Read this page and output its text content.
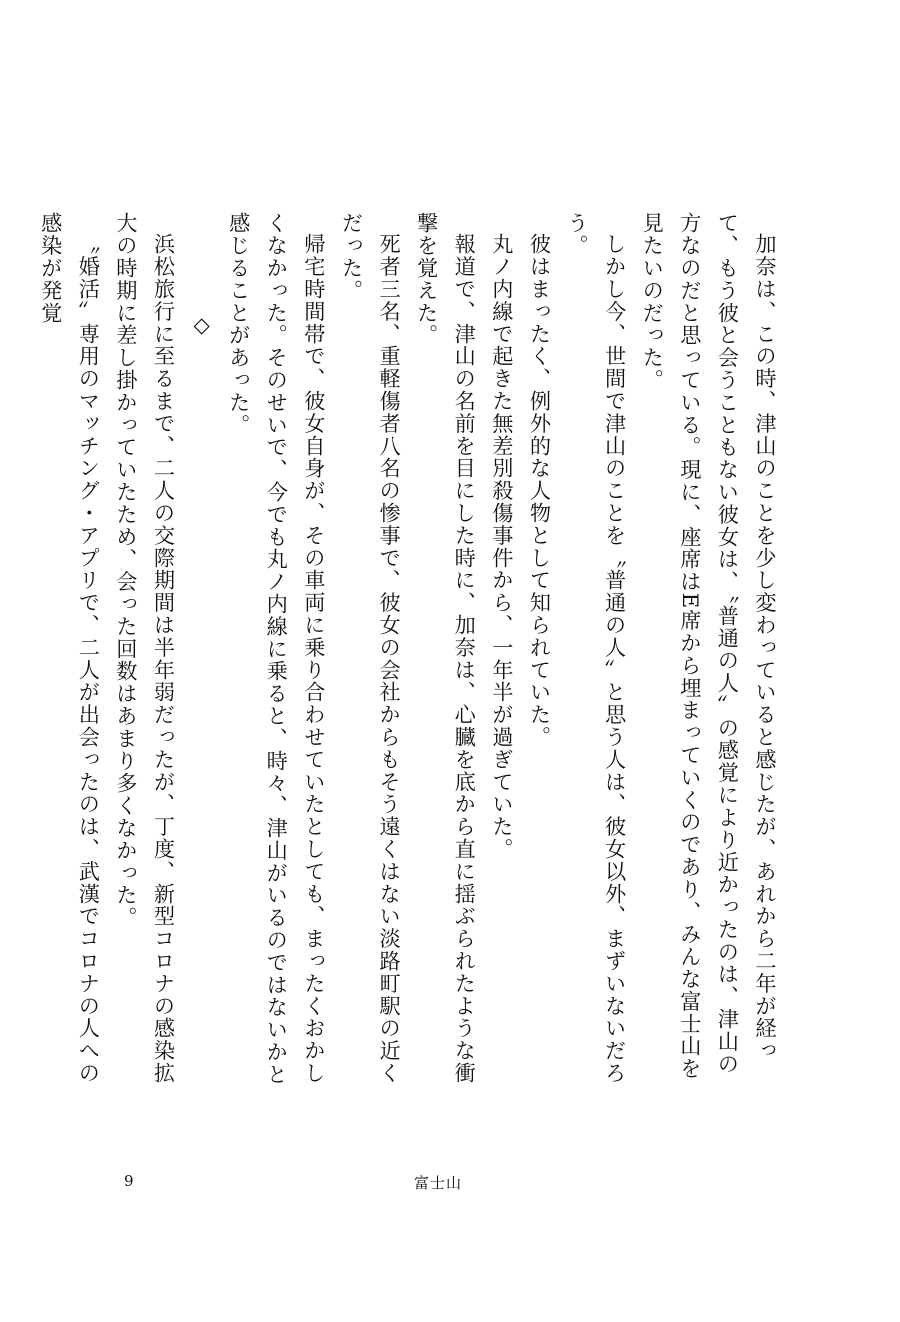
加奈は、この時、津山のことを少し変わっていると感じたが、あれから二年が経って、もう彼と会うこともない彼女は、〝普通の人〟の感覚により近かったのは、津山の方なのだと思っている。現に、座席はE席から埋まっていくのであり、みんな富士山を見たいのだった。

しかし今、世間で津山のことを〝普通の人〟と思う人は、彼女以外、まずいないだろう。

彼はまったく、例外的な人物として知られていた。

丸ノ内線で起きた無差別殺傷事件から、一年半が過ぎていた。

報道で、津山の名前を目にした時に、加奈は、心臓を底から直に揺ぶられたような衝撃を覚えた。

死者三名、重軽傷者八名の惨事で、彼女の会社からもそう遠くはない淡路町駅の近くだった。

帰宅時間帯で、彼女自身が、その車両に乗り合わせていたとしても、まったくおかしくなかった。そのせいで、今でも丸ノ内線に乗ると、時々、津山がいるのではないかと感じることがあった。

◇

浜松旅行に至るまで、二人の交際期間は半年弱だったが、丁度、新型コロナの感染拡大の時期に差し掛かっていたため、会った回数はあまり多くなかった。

〝婚活〟専用のマッチング・アプリで、二人が出会ったのは、武漢でコロナの人への感染が発覚

9	富士山
